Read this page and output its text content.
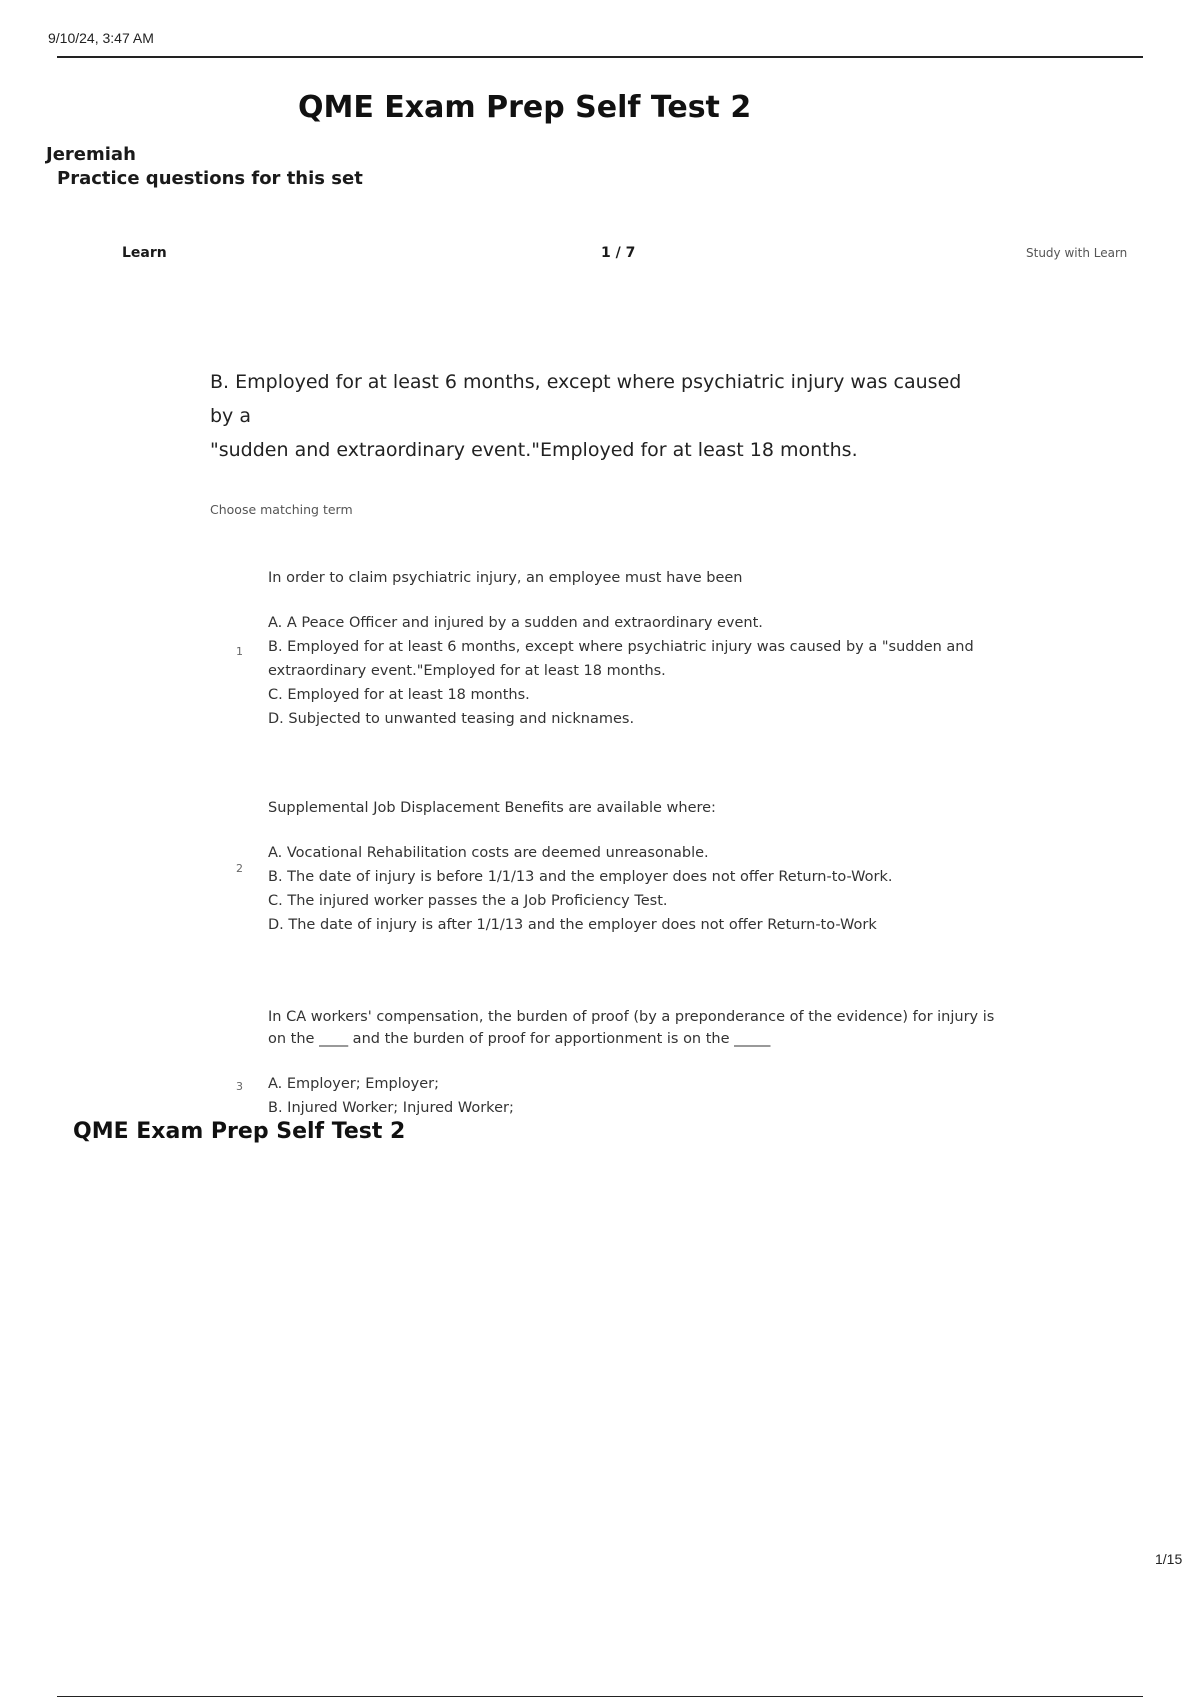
9/10/24, 3:47 AM
QME Exam Prep Self Test 2
Jeremiah
Practice questions for this set
Learn	1 / 7	Study with Learn
B. Employed for at least 6 months, except where psychiatric injury was caused by a
"sudden and extraordinary event."Employed for at least 18 months.
Choose matching term
In order to claim psychiatric injury, an employee must have been
A. A Peace Officer and injured by a sudden and extraordinary event.
B. Employed for at least 6 months, except where psychiatric injury was caused by a "sudden and
extraordinary event."Employed for at least 18 months.
C. Employed for at least 18 months.
D. Subjected to unwanted teasing and nicknames.
1
Supplemental Job Displacement Benefits are available where:
A. Vocational Rehabilitation costs are deemed unreasonable.
B. The date of injury is before 1/1/13 and the employer does not offer Return-to-Work.
C. The injured worker passes the a Job Proficiency Test.
D. The date of injury is after 1/1/13 and the employer does not offer Return-to-Work
2
In CA workers' compensation, the burden of proof (by a preponderance of the evidence) for injury is
on the ____ and the burden of proof for apportionment is on the _____
A. Employer; Employer;
B. Injured Worker; Injured Worker;
3
QME Exam Prep Self Test 2
1/15
